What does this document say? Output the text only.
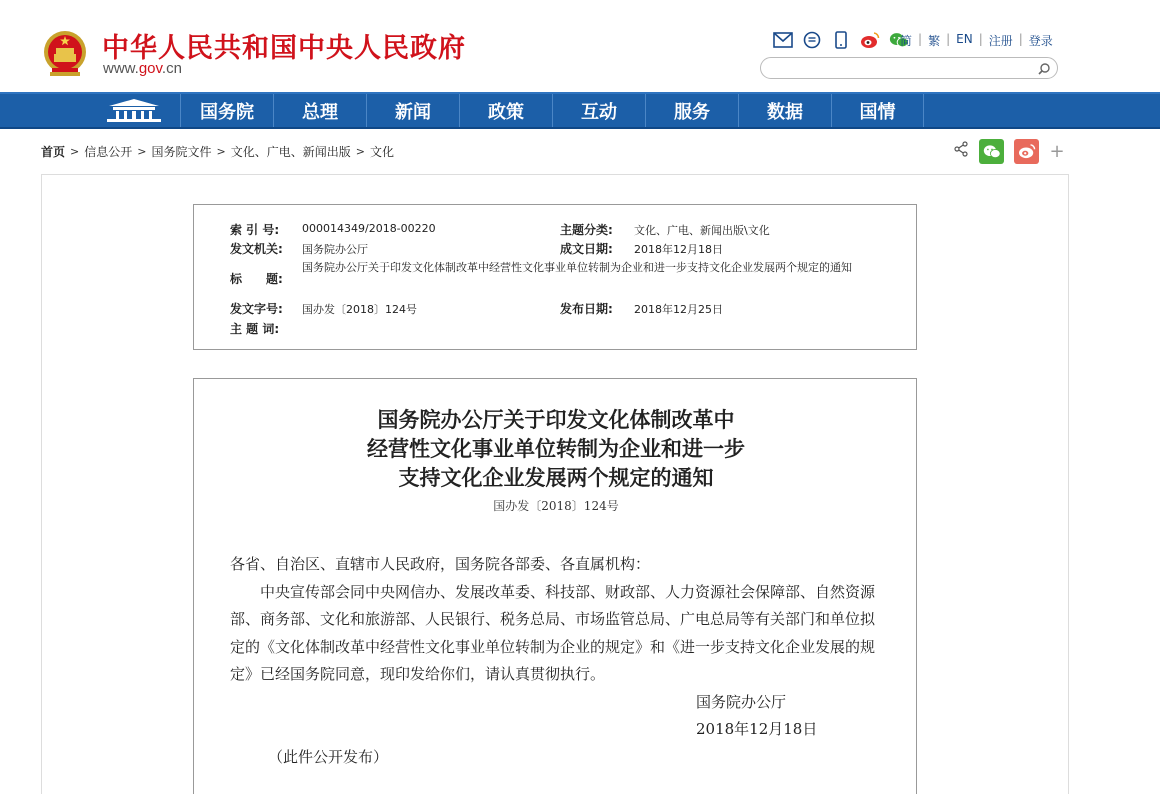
中华人民共和国中央人民政府
www.gov.cn
简 | 繁 | EN | 注册 | 登录
国务院	总理	新闻	政策	互动	服务	数据	国情
首页 > 信息公开 > 国务院文件 > 文化、广电、新闻出版 > 文化	+
索 引 号: 000014349/2018-00220	主题分类: 文化、广电、新闻出版\文化
发文机关: 国务院办公厅	成文日期: 2018年12月18日
标　　题:
国务院办公厅关于印发文化体制改革中经营性文化事业单位转制为企业和进一步支持文化企业发展两个规定的通知
发文字号: 国办发〔2018〕124号	发布日期: 2018年12月25日
主 题 词:
国务院办公厅关于印发文化体制改革中
经营性文化事业单位转制为企业和进一步
支持文化企业发展两个规定的通知
国办发〔2018〕124号

各省、自治区、直辖市人民政府，国务院各部委、各直属机构：

中央宣传部会同中央网信办、发展改革委、科技部、财政部、人力资源社会保障部、自然资源部、商务部、文化和旅游部、人民银行、税务总局、市场监管总局、广电总局等有关部门和单位拟定的《文化体制改革中经营性文化事业单位转制为企业的规定》和《进一步支持文化企业发展的规定》已经国务院同意，现印发给你们，请认真贯彻执行。

国务院办公厅

2018年12月18日

（此件公开发布）
